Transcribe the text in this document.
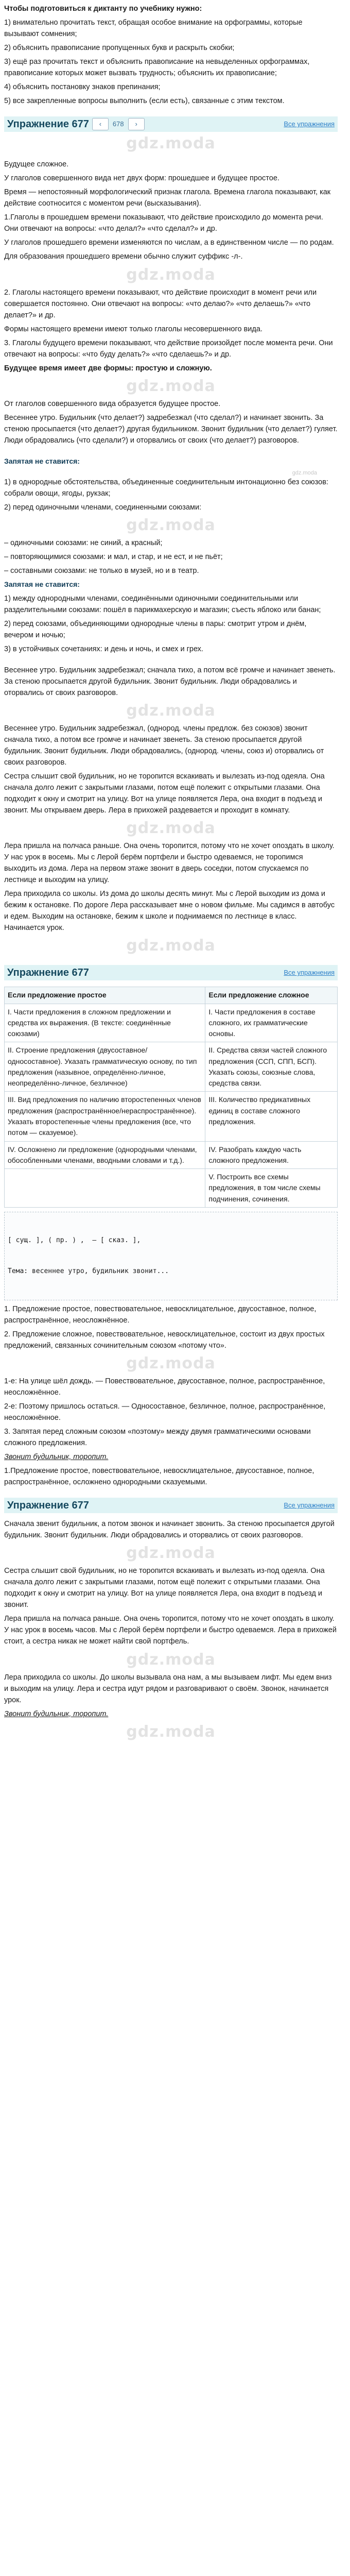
Чтобы подготовиться к диктанту по учебнику нужно:

1) внимательно прочитать текст, обращая особое внимание на орфограммы, которые вызывают сомнения;

2) объяснить правописание пропущенных букв и раскрыть скобки;

3) ещё раз прочитать текст и объяснить правописание на невыделенных орфограммах, правописание которых может вызвать трудность; объяснить их правописание;

4) объяснить постановку знаков препинания;

5) все закрепленные вопросы выполнить (если есть), связанные с этим текстом.

Упражнение 677	‹	678	›	Все упражнения
gdz.moda

Будущее сложное.

У глаголов совершенного вида нет двух форм: прошедшее и будущее простое.

Время — непостоянный морфологический признак глагола. Времена глагола показывают, как действие соотносится с моментом речи (высказывания).

1.Глаголы в прошедшем времени показывают, что действие происходило до момента речи. Они отвечают на вопросы: «что делал?» «что сделал?» и др.

У глаголов прошедшего времени изменяются по числам, а в единственном числе — по родам.

Для образования прошедшего времени обычно служит суффикс -л-.

gdz.moda

2. Глаголы настоящего времени показывают, что действие происходит в момент речи или совершается постоянно. Они отвечают на вопросы: «что делаю?» «что делаешь?» «что делает?» и др.

Формы настоящего времени имеют только глаголы несовершенного вида.

3. Глаголы будущего времени показывают, что действие произойдет после момента речи. Они отвечают на вопросы: «что буду делать?» «что сделаешь?» и др.

Будущее время имеет две формы: простую и сложную.

gdz.moda

От глаголов совершенного вида образуется будущее простое.

Весеннее утро. Будильник (что делает?) задребезжал (что сделал?) и начинает звонить. За стеною просыпается (что делает?) другая будильником. Звонит будильник (что делает?) гуляет. Люди обрадовались (что сделали?) и оторвались от своих (что делает?) разговоров.

Запятая не ставится:

gdz.moda

1) в однородные обстоятельства, объединенные соединительным интонационно без союзов: собрали овощи, ягоды, рукзак;

2) перед одиночными членами, соединенными союзами:

gdz.moda

– одиночными союзами: не синий, а красный;

– повторяющимися союзами: и мал, и стар, и не ест, и не пьёт;

– составными союзами: не только в музей, но и в театр.

Запятая не ставится:

1) между однородными членами, соединёнными одиночными соединительными или разделительными союзами: пошёл в парикмахерскую и магазин; съесть яблоко или банан;

2) перед союзами, объединяющими однородные члены в пары: смотрит утром и днём, вечером и ночью;

3) в устойчивых сочетаниях: и день и ночь, и смех и грех.

Весеннее утро. Будильник задребезжал; сначала тихо, а потом всё громче и начинает звенеть. За стеною просыпается другой будильник. Звонит будильник. Люди обрадовались и оторвались от своих разговоров.

gdz.moda

Весеннее утро. Будильник задребезжал, (однород. члены предлож. без союзов) звонит сначала тихо, а потом все громче и начинает звенеть. За стеною просыпается другой будильник. Звонит будильник. Люди обрадовались, (однород. члены, союз и) оторвались от своих разговоров.

Сестра слышит свой будильник, но не торопится вскакивать и вылезать из-под одеяла. Она сначала долго лежит с закрытыми глазами, потом ещё полежит с открытыми глазами. Она подходит к окну и смотрит на улицу. Вот на улице появляется Лера, она входит в подъезд и звонит. Мы открываем дверь. Лера в прихожей раздевается и проходит в комнату.

gdz.moda

Лера пришла на полчаса раньше. Она очень торопится, потому что не хочет опоздать в школу. У нас урок в восемь. Мы с Лерой берём портфели и быстро одеваемся, не торопимся выходить из дома. Лера на первом этаже звонит в дверь соседки, потом спускаемся по лестнице и выходим на улицу.

Лера приходила со школы. Из дома до школы десять минут. Мы с Лерой выходим из дома и бежим к остановке. По дороге Лера рассказывает мне о новом фильме. Мы садимся в автобус и едем. Выходим на остановке, бежим к школе и поднимаемся по лестнице в класс. Начинается урок.

gdz.moda
Упражнение 677	Все упражнения
Если предложение простое	Если предложение сложное
I. Части предложения в сложном предложении и средства их выражения. (В тексте: соединённые союзами)	I. Части предложения в составе сложного, их грамматические основы.
II. Строение предложения (двусоставное/односоставное). Указать грамматическую основу, по тип предложения (назывное, определённо-личное, неопределённо-личное, безличное)	II. Средства связи частей сложного предложения (ССП, СПП, БСП). Указать союзы, союзные слова, средства связи.
III. Вид предложения по наличию второстепенных членов предложения (распространённое/нераспространённое). Указать второстепенные члены предложения (все, что потом — сказуемое).	III. Количество предикативных единиц в составе сложного предложения.
IV. Осложнено ли предложение (однородными членами, обособленными членами, вводными словами и т.д.).	IV. Разобрать каждую часть сложного предложения.
	V. Построить все схемы предложения, в том числе схемы подчинения, сочинения.

[ сущ. ], ( пр. ) ,  — [ сказ. ],

Тема: весеннее утро, будильник звонит...

1. Предложение простое, повествовательное, невосклицательное, двусоставное, полное, распространённое, неосложнённое.

2. Предложение сложное, повествовательное, невосклицательное, состоит из двух простых предложений, связанных сочинительным союзом «потому что».

gdz.moda

1-е: На улице шёл дождь. — Повествовательное, двусоставное, полное, распространённое, неосложнённое.

2-е: Поэтому пришлось остаться. — Односоставное, безличное, полное, распространённое, неосложнённое.

3. Запятая перед сложным союзом «поэтому» между двумя грамматическими основами сложного предложения.

Звонит будильник, торопит.

1.Предложение простое, повествовательное, невосклицательное, двусоставное, полное, распространённое, осложнено однородными сказуемыми.

Упражнение 677	Все упражнения

Сначала звенит будильник, а потом звонок и начинает звонить. За стеною просыпается другой будильник. Звонит будильник. Люди обрадовались и оторвались от своих разговоров.

gdz.moda

Сестра слышит свой будильник, но не торопится вскакивать и вылезать из-под одеяла. Она сначала долго лежит с закрытыми глазами, потом ещё полежит с открытыми глазами. Она подходит к окну и смотрит на улицу. Вот на улице появляется Лера, она входит в подъезд и звонит.

Лера пришла на полчаса раньше. Она очень торопится, потому что не хочет опоздать в школу. У нас урок в восемь часов. Мы с Лерой берём портфели и быстро одеваемся. Лера в прихожей стоит, а сестра никак не может найти свой портфель.

gdz.moda

Лера приходила со школы. До школы вызывала она нам, а мы вызываем лифт. Мы едем вниз и выходим на улицу. Лера и сестра идут рядом и разговаривают о своём. Звонок, начинается урок.

Звонит будильник, торопит.

gdz.moda
